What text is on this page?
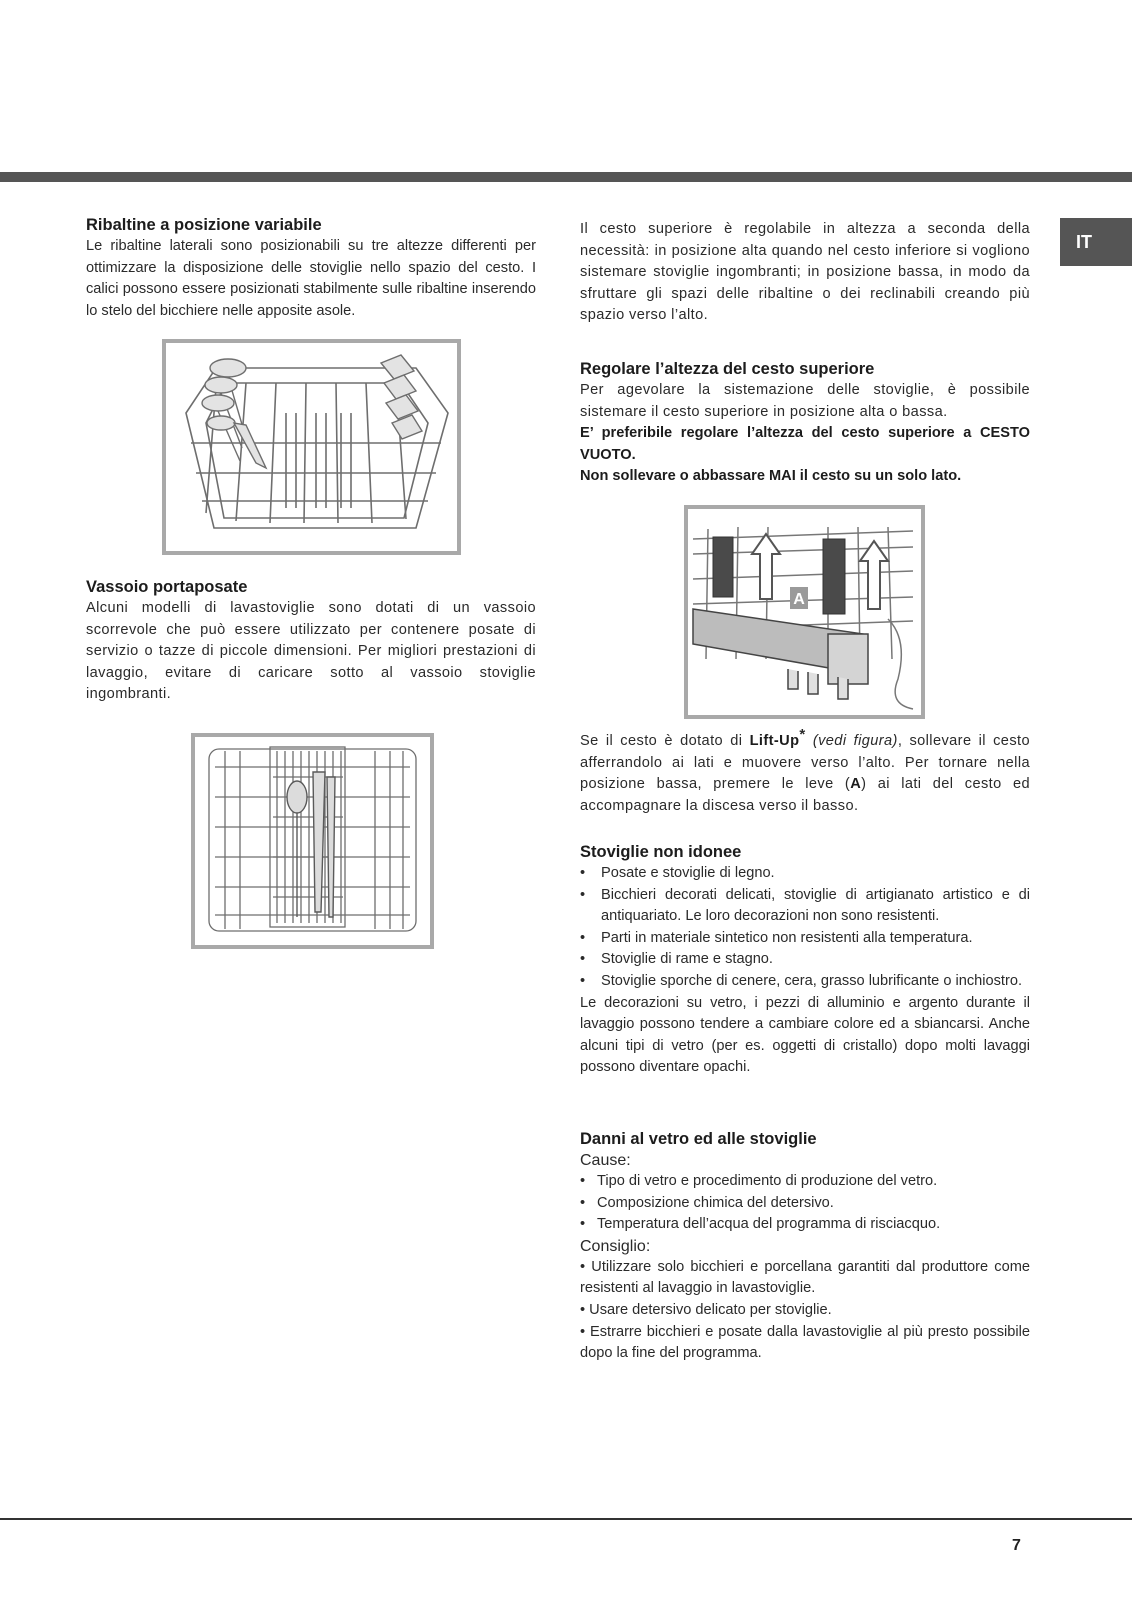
IT
Ribaltine a posizione variabile

Le ribaltine laterali sono posizionabili su tre altezze differenti per ottimizzare la disposizione delle stoviglie nello spazio del cesto. I calici possono essere posizionati stabilmente sulle ribaltine inserendo lo stelo del bicchiere nelle apposite asole.

Vassoio portaposate

Alcuni modelli di lavastoviglie sono dotati di un vassoio scorrevole che può essere utilizzato per contenere posate di servizio o tazze di piccole dimensioni. Per migliori prestazioni di lavaggio, evitare di caricare sotto al vassoio stoviglie ingombranti.

Il cesto superiore è regolabile in altezza a seconda della necessità: in posizione alta quando nel cesto inferiore si vogliono sistemare stoviglie ingombranti; in posizione bassa, in modo da sfruttare gli spazi delle ribaltine o dei reclinabili creando più spazio verso l’alto.

Regolare l’altezza del cesto superiore

Per agevolare la sistemazione delle stoviglie, è possibile sistemare il cesto superiore in posizione alta o bassa.

E’ preferibile regolare l’altezza del cesto superiore a CESTO VUOTO.

Non sollevare o abbassare MAI il cesto su un solo lato.

A

Se il cesto è dotato di Lift-Up* (vedi figura), sollevare il cesto afferrandolo ai lati e muovere verso l’alto. Per tornare nella posizione bassa, premere le leve (A) ai lati del cesto ed accompagnare la discesa verso il basso.

Stoviglie non idonee
• Posate e stoviglie di legno.
• Bicchieri decorati delicati, stoviglie di artigianato artistico e di antiquariato. Le loro decorazioni non sono resistenti.
• Parti in materiale sintetico non resistenti alla temperatura.
• Stoviglie di rame e stagno.
• Stoviglie sporche di cenere, cera, grasso lubrificante o inchiostro.

Le decorazioni su vetro, i pezzi di alluminio e argento durante il lavaggio possono tendere a cambiare colore ed a sbiancarsi. Anche alcuni tipi di vetro (per es. oggetti di cristallo) dopo molti lavaggi possono diventare opachi.

Danni al vetro ed alle stoviglie

Cause:

• Tipo di vetro e procedimento di produzione del vetro.
• Composizione chimica del detersivo.
• Temperatura dell’acqua del programma di risciacquo.

Consiglio:

• Utilizzare solo bicchieri e porcellana garantiti dal produttore come resistenti al lavaggio in lavastoviglie.
• Usare detersivo delicato per stoviglie.
• Estrarre bicchieri e posate dalla lavastoviglie al più presto possibile dopo la fine del programma.
7
